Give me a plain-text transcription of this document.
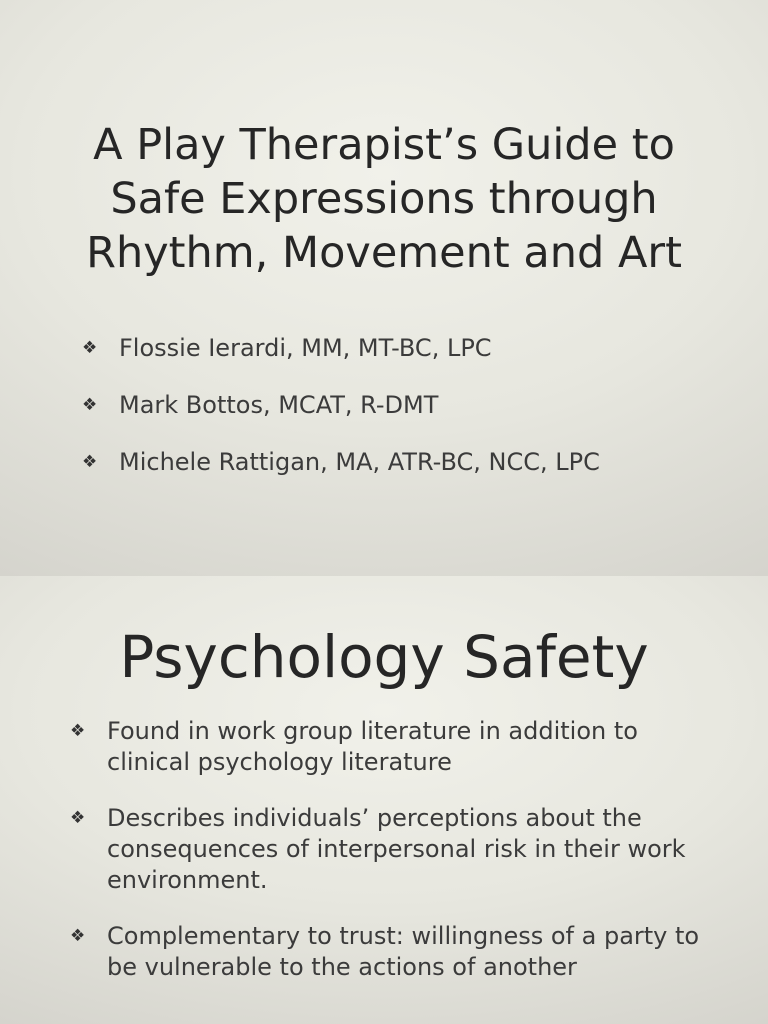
A Play Therapist’s Guide to
Safe Expressions through
Rhythm, Movement and Art
❖ Flossie Ierardi, MM, MT-BC, LPC
❖ Mark Bottos, MCAT, R-DMT
❖ Michele Rattigan, MA, ATR-BC, NCC, LPC
Psychology Safety
❖ Found in work group literature in addition to clinical psychology literature
❖ Describes individuals’ perceptions about the consequences of interpersonal risk in their work environment.
❖ Complementary to trust: willingness of a party to be vulnerable to the actions of another
